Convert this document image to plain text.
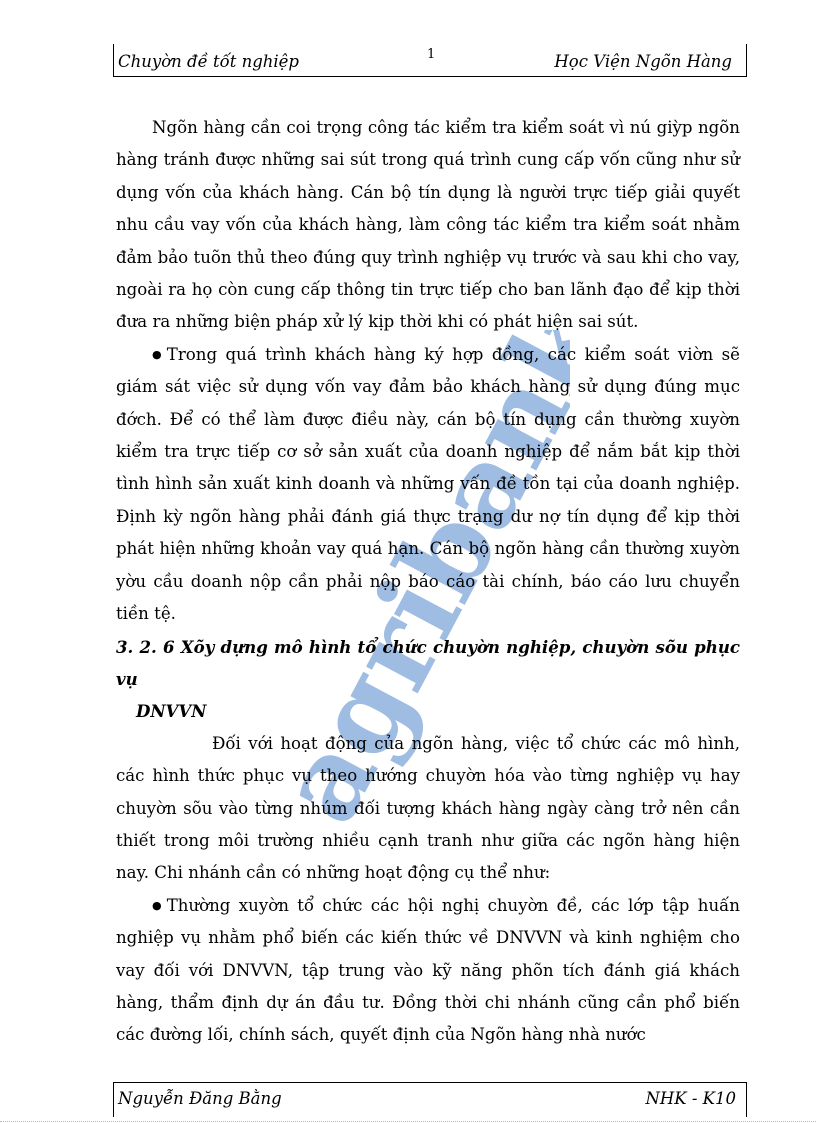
Chuyờn đề tốt nghiệp	1	Học Viện Ngõn Hàng
agribank

Ngõn hàng cần coi trọng công tác kiểm tra kiểm soát vì nú giỳp ngõn hàng tránh được những sai sút trong quá trình cung cấp vốn cũng như sử dụng vốn của khách hàng. Cán bộ tín dụng là người trực tiếp giải quyết nhu cầu vay vốn của khách hàng, làm công tác kiểm tra kiểm soát nhằm đảm bảo tuõn thủ theo đúng quy trình nghiệp vụ trước và sau khi cho vay, ngoài ra họ còn cung cấp thông tin trực tiếp cho ban lãnh đạo để kịp thời đưa ra những biện pháp xử lý kịp thời khi có phát hiện sai sút.

● Trong quá trình khách hàng ký hợp đồng, các kiểm soát viờn sẽ giám sát việc sử dụng vốn vay đảm bảo khách hàng sử dụng đúng mục đớch. Để có thể làm được điều này, cán bộ tín dụng cần thường xuyờn kiểm tra trực tiếp cơ sở sản xuất của doanh nghiệp để nắm bắt kịp thời tình hình sản xuất kinh doanh và những vấn đề tồn tại của doanh nghiệp. Định kỳ ngõn hàng phải đánh giá thực trạng dư nợ tín dụng để kịp thời phát hiện những khoản vay quá hạn. Cán bộ ngõn hàng cần thường xuyờn yờu cầu doanh nộp cần phải nộp báo cáo tài chính, báo cáo lưu chuyển tiền tệ.

3. 2. 6 Xõy dựng mô hình tổ chức chuyờn nghiệp, chuyờn sõu phục vụ
DNVVN

Đối với hoạt động của ngõn hàng, việc tổ chức các mô hình, các hình thức phục vụ theo hướng chuyờn hóa vào từng nghiệp vụ hay chuyờn sõu vào từng nhúm đối tượng khách hàng ngày càng trở nên cần thiết trong môi trường nhiều cạnh tranh như giữa các ngõn hàng hiện nay. Chi nhánh cần có những hoạt động cụ thể như:

● Thường xuyờn tổ chức các hội nghị chuyờn đề, các lớp tập huấn nghiệp vụ nhằm phổ biến các kiến thức về DNVVN và kinh nghiệm cho vay đối với DNVVN, tập trung vào kỹ năng phõn tích đánh giá khách hàng, thẩm định dự án đầu tư. Đồng thời chi nhánh cũng cần phổ biến các đường lối, chính sách, quyết định của Ngõn hàng nhà nước

Nguyễn Đăng Bằng	NHK - K10
